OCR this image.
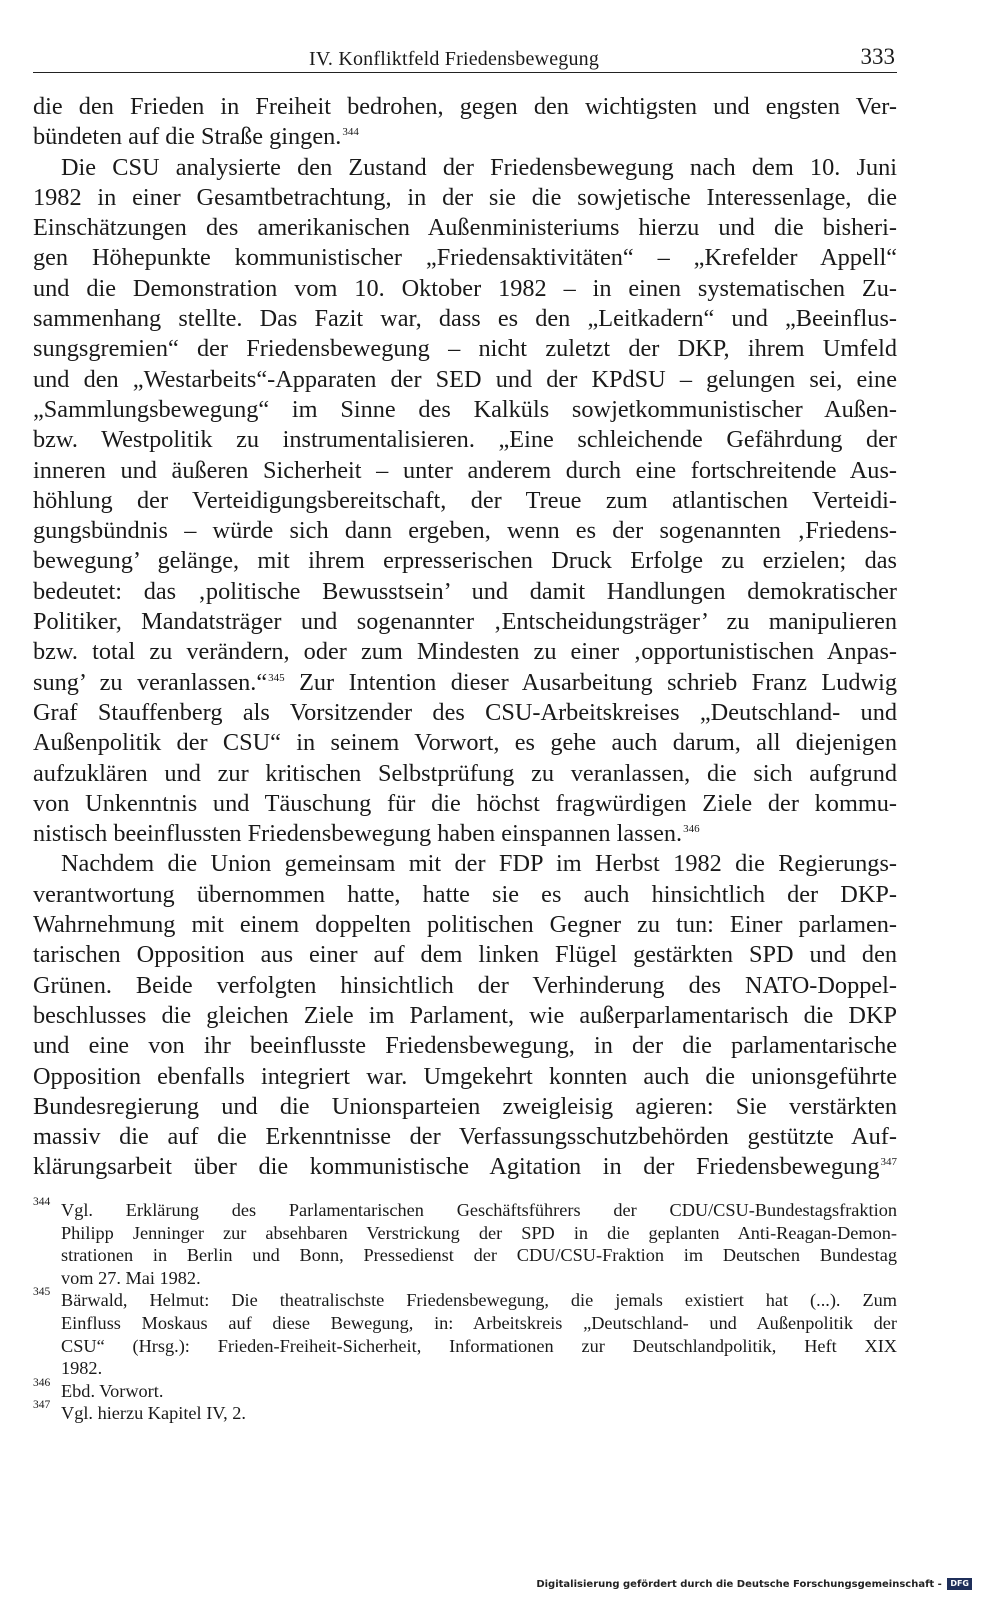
IV. Konfliktfeld Friedensbewegung	333
die den Frieden in Freiheit bedrohen, gegen den wichtigsten und engsten Ver-
bündeten auf die Straße gingen.$^{344}$
Die CSU analysierte den Zustand der Friedensbewegung nach dem 10. Juni
1982 in einer Gesamtbetrachtung, in der sie die sowjetische Interessenlage, die
Einschätzungen des amerikanischen Außenministeriums hierzu und die bisheri-
gen Höhepunkte kommunistischer „Friedensaktivitäten“ – „Krefelder Appell“
und die Demonstration vom 10. Oktober 1982 – in einen systematischen Zu-
sammenhang stellte. Das Fazit war, dass es den „Leitkadern“ und „Beeinflus-
sungsgremien“ der Friedensbewegung – nicht zuletzt der DKP, ihrem Umfeld
und den „Westarbeits“-Apparaten der SED und der KPdSU – gelungen sei, eine
„Sammlungsbewegung“ im Sinne des Kalküls sowjetkommunistischer Außen-
bzw. Westpolitik zu instrumentalisieren. „Eine schleichende Gefährdung der
inneren und äußeren Sicherheit – unter anderem durch eine fortschreitende Aus-
höhlung der Verteidigungsbereitschaft, der Treue zum atlantischen Verteidi-
gungsbündnis – würde sich dann ergeben, wenn es der sogenannten ‚Friedens-
bewegung’ gelänge, mit ihrem erpresserischen Druck Erfolge zu erzielen; das
bedeutet: das ‚politische Bewusstsein’ und damit Handlungen demokratischer
Politiker, Mandatsträger und sogenannter ‚Entscheidungsträger’ zu manipulieren
bzw. total zu verändern, oder zum Mindesten zu einer ‚opportunistischen Anpas-
sung’ zu veranlassen.“$^{345}$ Zur Intention dieser Ausarbeitung schrieb Franz Ludwig
Graf Stauffenberg als Vorsitzender des CSU-Arbeitskreises „Deutschland- und
Außenpolitik der CSU“ in seinem Vorwort, es gehe auch darum, all diejenigen
aufzuklären und zur kritischen Selbstprüfung zu veranlassen, die sich aufgrund
von Unkenntnis und Täuschung für die höchst fragwürdigen Ziele der kommu-
nistisch beeinflussten Friedensbewegung haben einspannen lassen.$^{346}$
Nachdem die Union gemeinsam mit der FDP im Herbst 1982 die Regierungs-
verantwortung übernommen hatte, hatte sie es auch hinsichtlich der DKP-
Wahrnehmung mit einem doppelten politischen Gegner zu tun: Einer parlamen-
tarischen Opposition aus einer auf dem linken Flügel gestärkten SPD und den
Grünen. Beide verfolgten hinsichtlich der Verhinderung des NATO-Doppel-
beschlusses die gleichen Ziele im Parlament, wie außerparlamentarisch die DKP
und eine von ihr beeinflusste Friedensbewegung, in der die parlamentarische
Opposition ebenfalls integriert war. Umgekehrt konnten auch die unionsgeführte
Bundesregierung und die Unionsparteien zweigleisig agieren: Sie verstärkten
massiv die auf die Erkenntnisse der Verfassungsschutzbehörden gestützte Auf-
klärungsarbeit über die kommunistische Agitation in der Friedensbewegung$^{347}$
344 Vgl. Erklärung des Parlamentarischen Geschäftsführers der CDU/CSU-Bundestagsfraktion
Philipp Jenninger zur absehbaren Verstrickung der SPD in die geplanten Anti-Reagan-Demon-
strationen in Berlin und Bonn, Pressedienst der CDU/CSU-Fraktion im Deutschen Bundestag
vom 27. Mai 1982.
345 Bärwald, Helmut: Die theatralischste Friedensbewegung, die jemals existiert hat (...). Zum
Einfluss Moskaus auf diese Bewegung, in: Arbeitskreis „Deutschland- und Außenpolitik der
CSU“ (Hrsg.): Frieden-Freiheit-Sicherheit, Informationen zur Deutschlandpolitik, Heft XIX
1982.
346 Ebd. Vorwort.
347 Vgl. hierzu Kapitel IV, 2.
Digitalisierung gefördert durch die Deutsche Forschungsgemeinschaft - DFG
